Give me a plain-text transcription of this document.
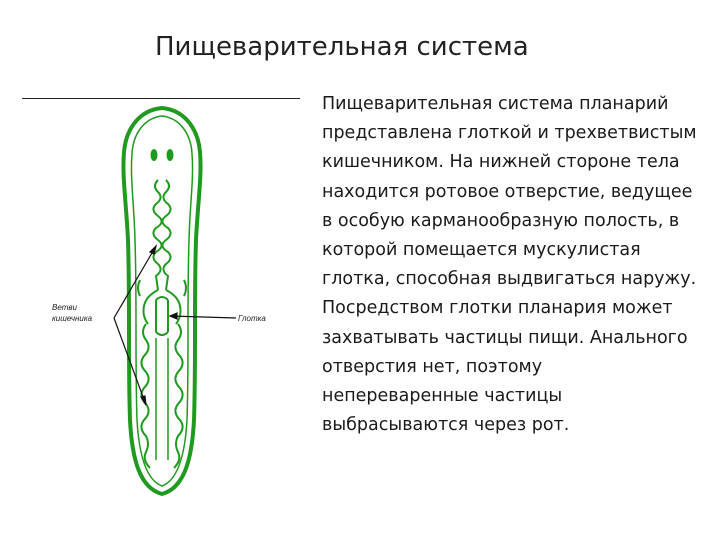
Пищеварительная система
Ветви
кишечника	Глотка
Пищеварительная система планарий представлена глоткой и трехветвистым кишечником. На нижней стороне тела находится ротовое отверстие, ведущее в особую карманообразную полость, в которой помещается мускулистая глотка, способная выдвигаться наружу. Посредством глотки планария может захватывать частицы пищи. Анального отверстия нет, поэтому непереваренные частицы выбрасываются через рот.
